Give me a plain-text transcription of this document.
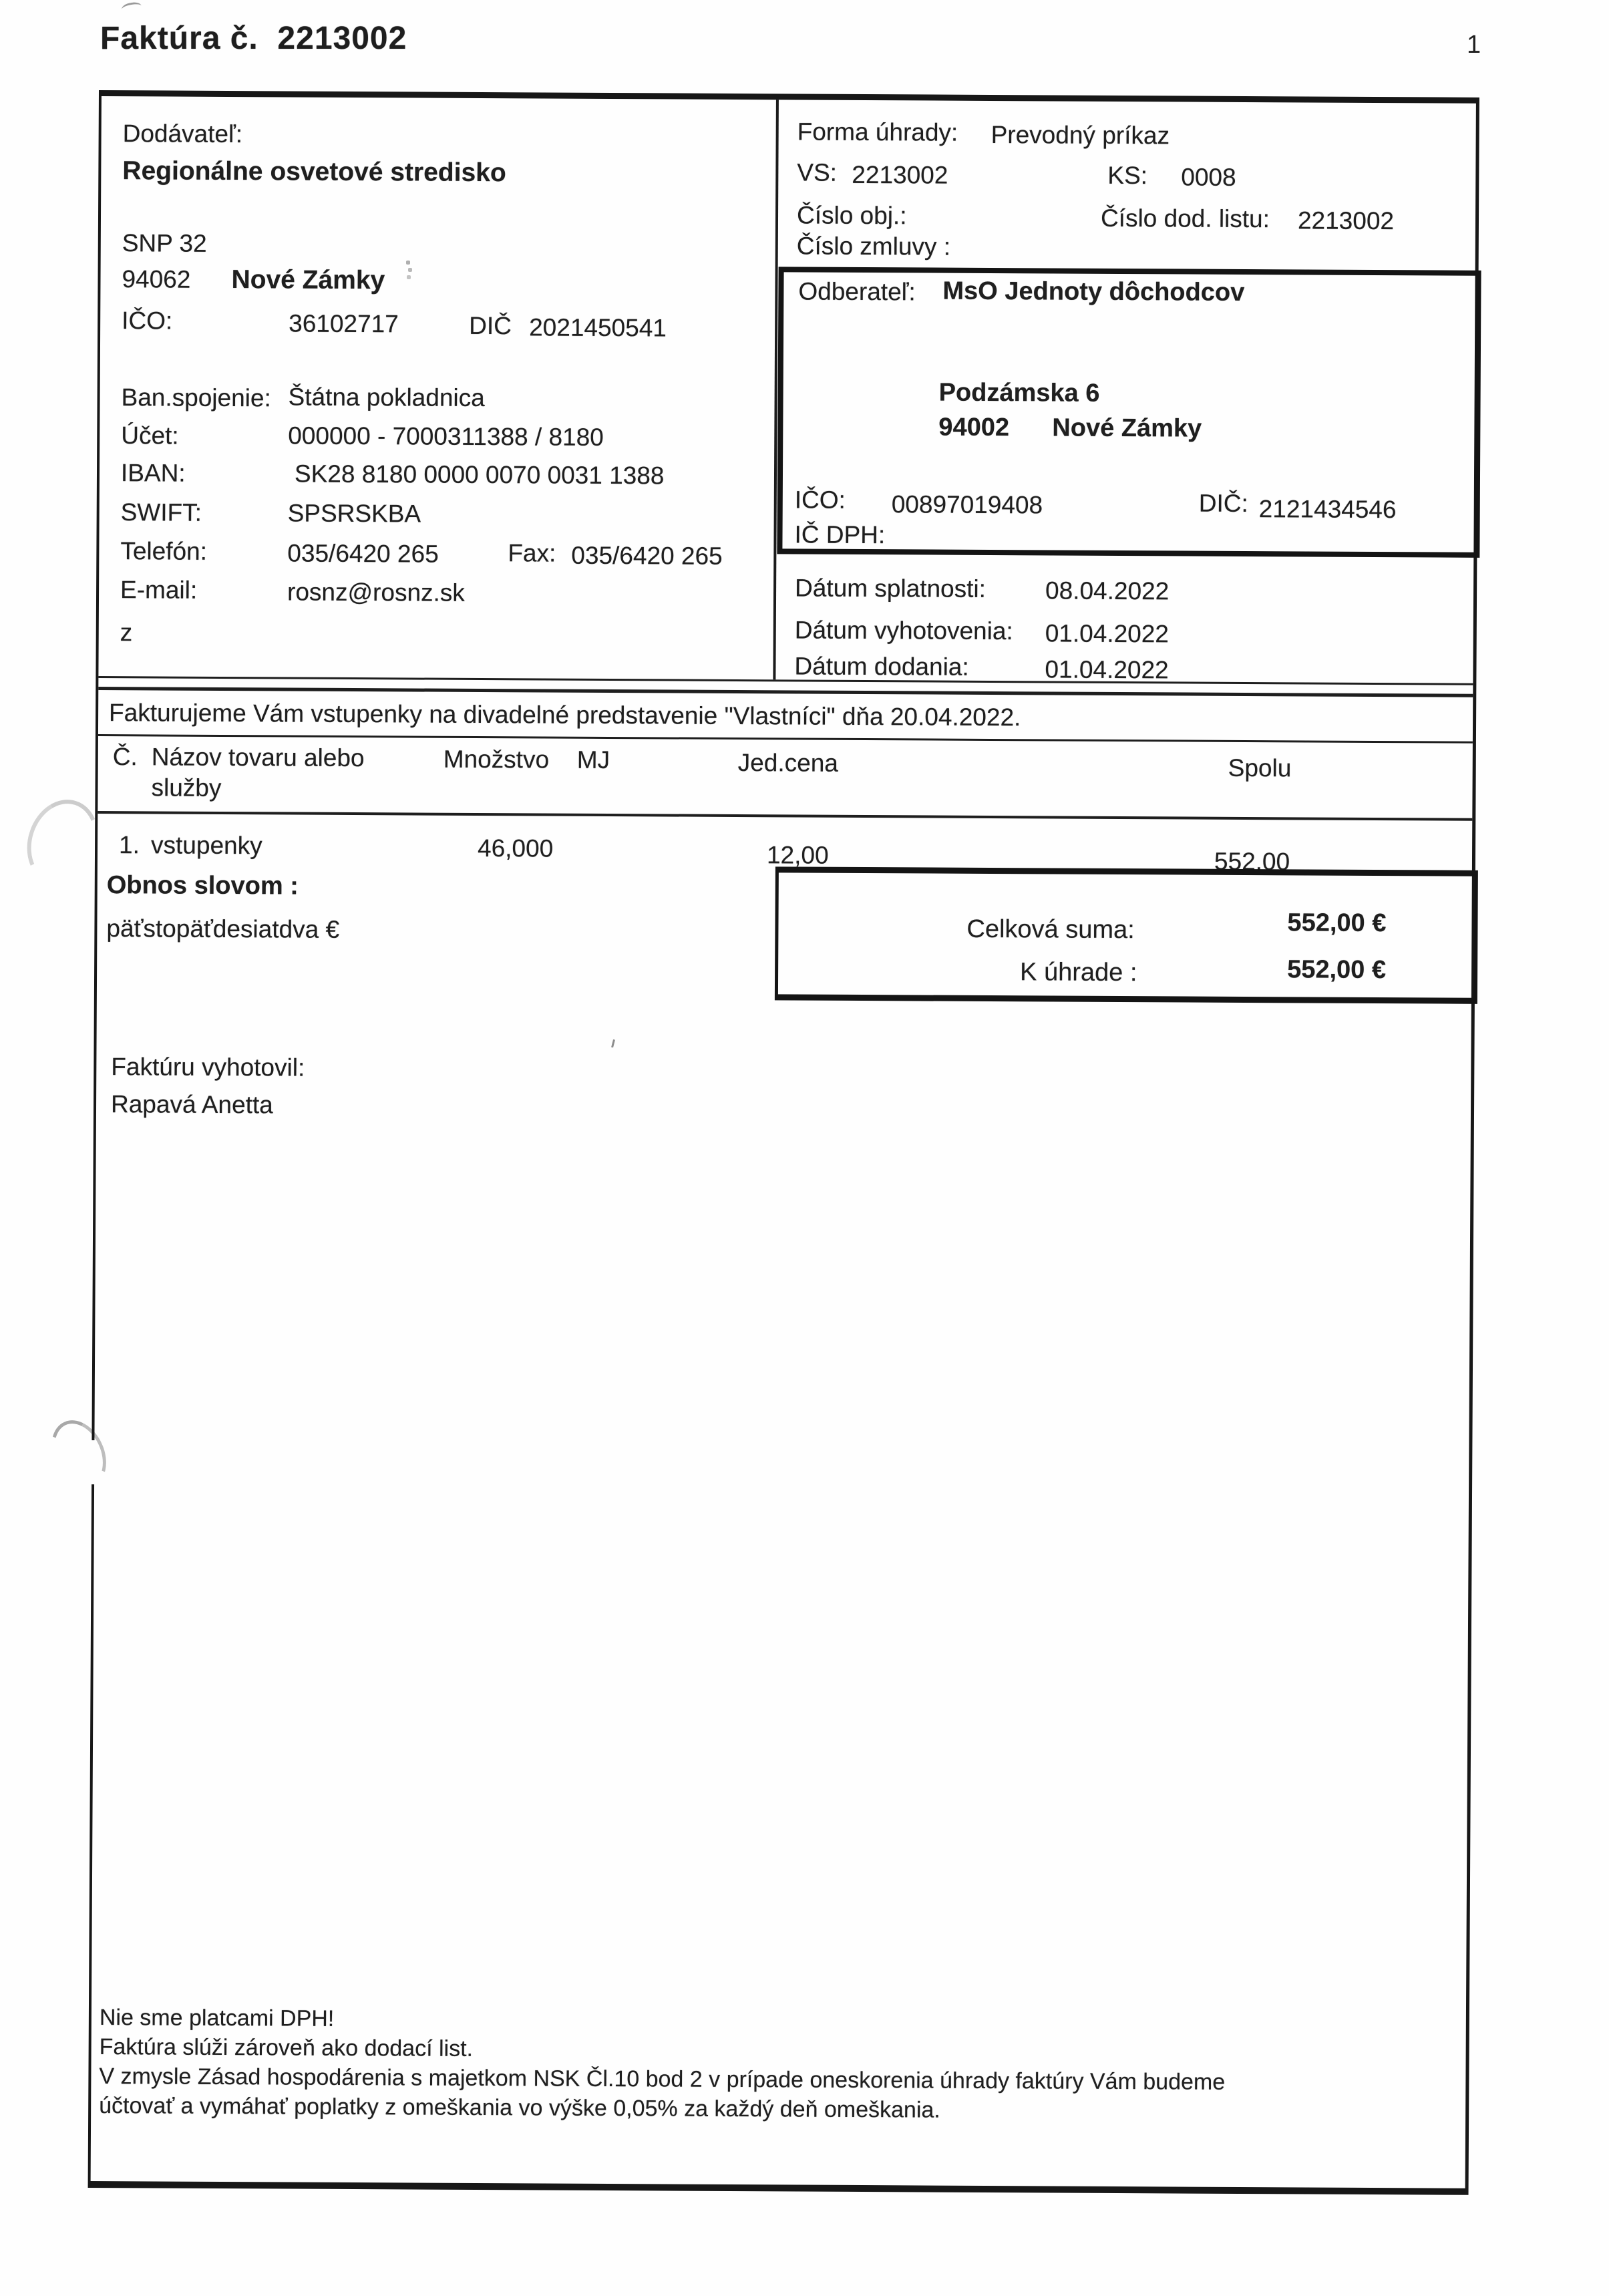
Faktúra č.  2213002	1
Dodávateľ:
Regionálne osvetové stredisko
SNP 32
94062 Nové Zámky
IČO:	36102717	DIČ 2021450541
Ban.spojenie: Štátna pokladnica
Účet:	000000 - 7000311388 / 8180
IBAN:	SK28 8180 0000 0070 0031 1388
SWIFT:	SPSRSKBA
Telefón:	035/6420 265	Fax: 035/6420 265
E-mail:	rosnz@rosnz.sk
z
Forma úhrady: Prevodný príkaz
VS: 2213002	KS: 0008
Číslo obj.:	Číslo dod. listu: 2213002
Číslo zmluvy :
Odberateľ: MsO Jednoty dôchodcov
Podzámska 6
94002 Nové Zámky
IČO: 00897019408	DIČ: 2121434546
IČ DPH:
Dátum splatnosti: 08.04.2022
Dátum vyhotovenia: 01.04.2022
Dátum dodania:	01.04.2022
Fakturujeme Vám vstupenky na divadelné predstavenie "Vlastníci" dňa 20.04.2022.
Č. Názov tovaru alebo
služby
Množstvo MJ	Jed.cena	Spolu
1. vstupenky	46,000	12,00	552,00
Obnos slovom :
päťstopäťdesiatdva €	Celková suma:	552,00 €
K úhrade :	552,00 €
Faktúru vyhotovil:
Rapavá Anetta
Nie sme platcami DPH!
Faktúra slúži zároveň ako dodací list.
V zmysle Zásad hospodárenia s majetkom NSK Čl.10 bod 2 v prípade oneskorenia úhrady faktúry Vám budeme
účtovať a vymáhať poplatky z omeškania vo výške 0,05% za každý deň omeškania.
